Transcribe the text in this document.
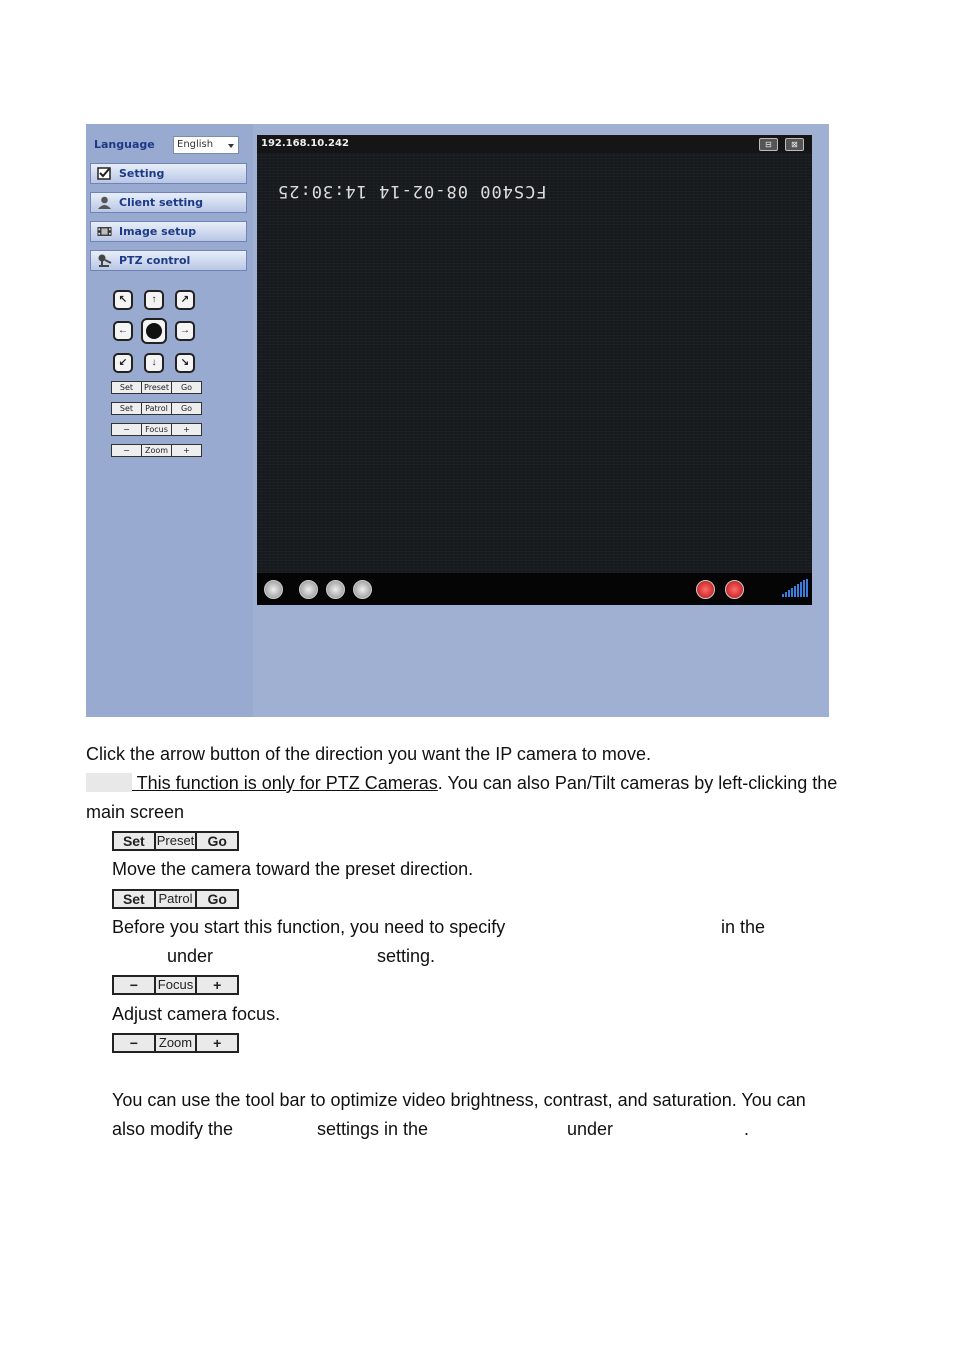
Language	English
Setting
Client setting
Image setup
PTZ control
↖ ↑ ↗
←	→
↙ ↓ ↘
Set	Preset	Go
Set	Patrol	Go
−	Focus	+
−	Zoom	+
192.168.10.242	⊟	⊠
FCS400 08-02-14 14:30:25
Click the arrow button of the direction you want the IP camera to move.
This function is only for PTZ Cameras. You can also Pan/Tilt cameras by left-clicking the
main screen
Set Preset Go
Move the camera toward the preset direction.
Set	Patrol	Go
Before you start this function, you need to specify	in the
under	setting.
−	Focus	+
Adjust camera focus.
−	Zoom	+
You can use the tool bar to optimize video brightness, contrast, and saturation. You can
also modify the	settings in the	under	.
